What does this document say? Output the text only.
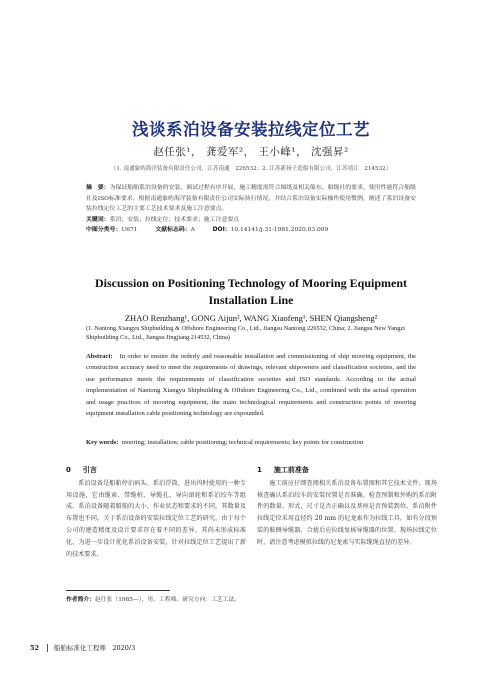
浅谈系泊设备安装拉线定位工艺
赵任张¹， 龚爱军²， 王小峰¹， 沈强昇²
（1. 南通象屿海洋装备有限责任公司，江苏南通　226532；2. 江苏新扬子造船有限公司，江苏靖江　214532）
摘　要：为保证船舶系泊设备的安装、调试过程有序开展，施工精度需符合图纸及相关船东、船级社的要求，使用性能符合船级社及ISO标准要求。根据南通象屿海洋装备有限责任公司实际执行情况，并结合系泊设备实际操作使用惯例，阐述了系泊设备安装拉线定位工艺的主要工艺技术要求及施工注意要点。
关键词：系泊；安装；拉线定位；技术要求；施工注意要点
中图分类号：U671	文献标志码：A	DOI：10.14141/j.31-1981.2020.03.009
Discussion on Positioning Technology of Mooring Equipment
Installation Line
ZHAO Renzhang¹, GONG Aijun², WANG Xiaofeng¹, SHEN Qiangsheng²
(1. Nantong Xiangyu Shipbuilding & Offshore Engineering Co., Ltd., Jiangsu Nantong 226532, China; 2. Jiangsu New Yangzi Shipbuilding Co., Ltd., Jiangsu Jingjiang 214532, China)
Abstract: In order to ensure the orderly and reasonable installation and commissioning of ship mooring equipment, the construction accuracy need to meet the requirements of drawings, relevant shipowners and classification societies, and the use performance meets the requirements of classification societies and ISO standards. According to the actual implementation of Nantong Xiangyu Shipbuilding & Offshore Engineering Co., Ltd., combined with the actual operation and usage practices of mooring equipment, the main technological requirements and construction points of mooring equipment installation cable positioning technology are expounded.
Key words: mooring; installation; cable positioning; technical requirements; key points for construction
0 引言
系泊设备是船舶停泊码头、系泊浮筒、进出坞时使用的一种专用设施，它由缆索、带缆桩、导缆孔、导向滚轮和系泊绞车等组成。系泊设备随着船舶的大小、作业状态和要求的不同，其数量及布置也不同。关于系泊设备的安装拉线定位工艺的研究，由于每个公司的建造精度及设计要求存在着不同的差异，其尚未形成标准化，为进一步设计优化系泊设备安装，针对拉线定位工艺提出了新的技术要求。
1 施工前准备
施工前应仔细查阅相关系泊设备布置图和其它技术文件。现场核查确认系泊绞车的安装位置是否准确。检查预制和外购的系泊附件的数量、形式、尺寸是否正确以及基座是否预装到位。系泊附件拉线定位采用直径约 20 mm 的尼龙索作为拉线工具。如有分段预装的舷侧导缆器，合拢后应拉线复核导缆器的位置。现场拉线定位时，请注意考虑模拟拉线的尼龙索与实际缆绳直径的差异。
作者简介：赵任张（1985—），男，工程师。研究方向：工艺工法。
52 船舶标准化工程师　2020/3
